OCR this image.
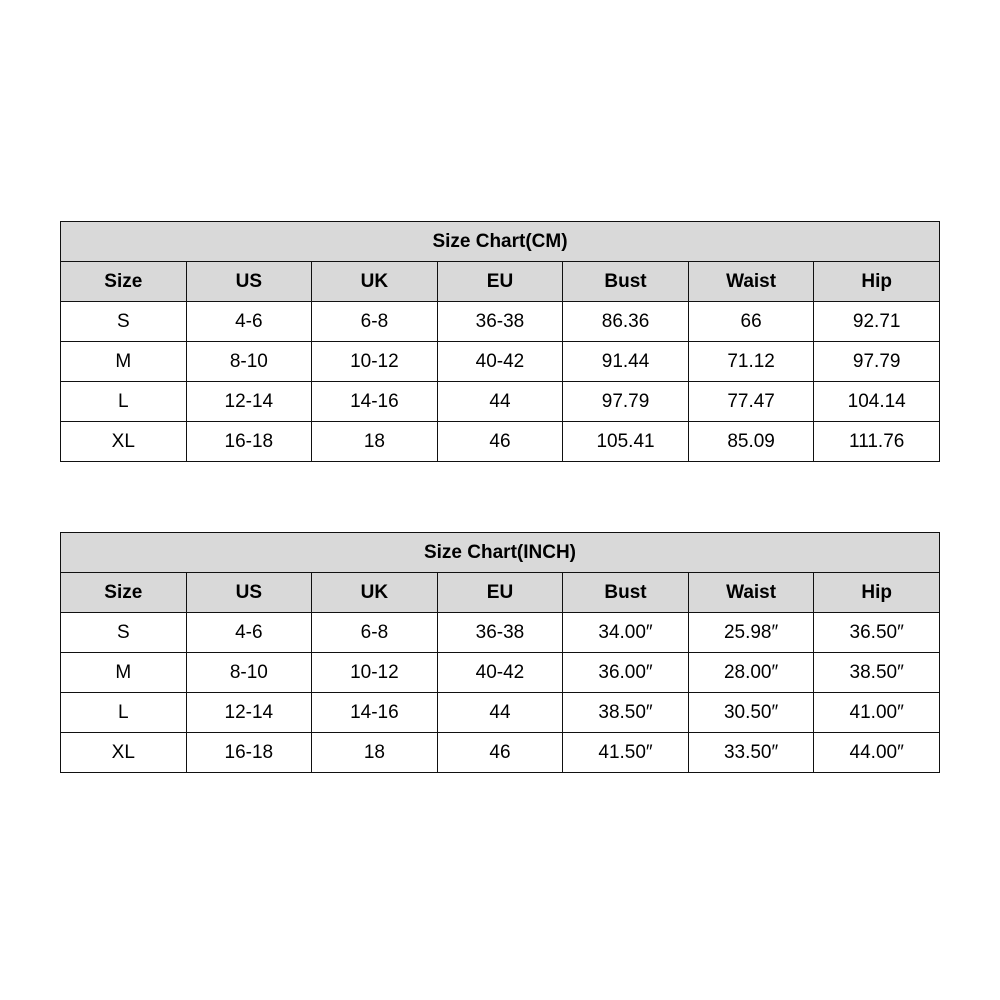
Size Chart(CM)						
Size	US	UK	EU	Bust	Waist	Hip
S	4-6	6-8	36-38	86.36	66	92.71
M	8-10	10-12	40-42	91.44	71.12	97.79
L	12-14	14-16	44	97.79	77.47	104.14
XL	16-18	18	46	105.41	85.09	111.76
Size Chart(INCH)						
Size	US	UK	EU	Bust	Waist	Hip
S	4-6	6-8	36-38	34.00″	25.98″	36.50″
M	8-10	10-12	40-42	36.00″	28.00″	38.50″
L	12-14	14-16	44	38.50″	30.50″	41.00″
XL	16-18	18	46	41.50″	33.50″	44.00″
